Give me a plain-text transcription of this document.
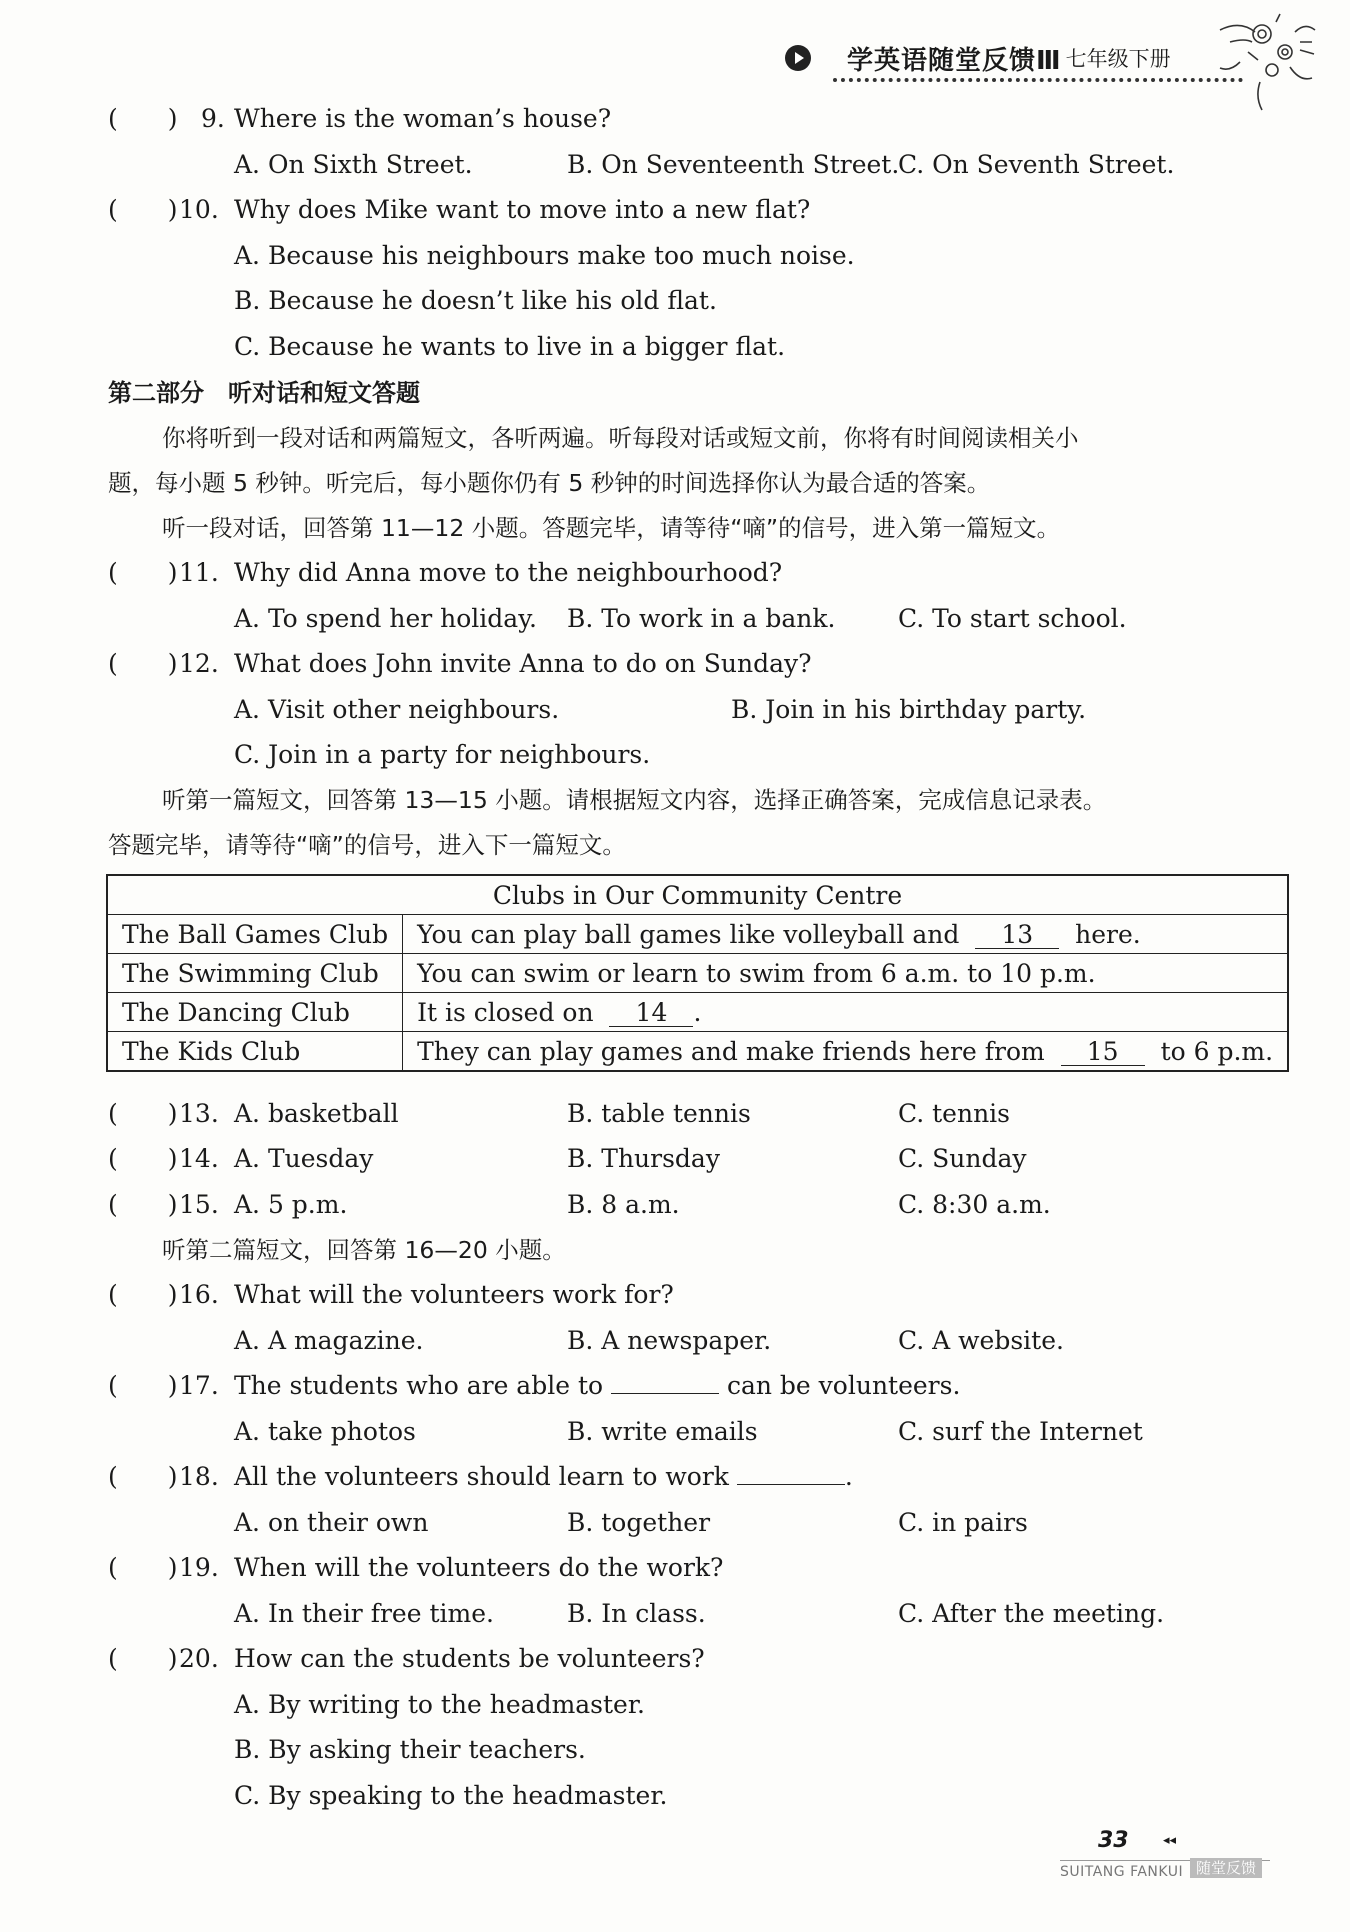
学英语随堂反馈Ⅲ 七年级下册
(　　) 9. Where is the woman’s house?
A. On Sixth Street.	B. On Seventeenth Street.
C. On Seventh Street.
(　　) 10. Why does Mike want to move into a new flat?
A. Because his neighbours make too much noise.
B. Because he doesn’t like his old flat.
C. Because he wants to live in a bigger flat.
第二部分　听对话和短文答题
你将听到一段对话和两篇短文，各听两遍。听每段对话或短文前，你将有时间阅读相关小
题，每小题 5 秒钟。听完后，每小题你仍有 5 秒钟的时间选择你认为最合适的答案。
听一段对话，回答第 11—12 小题。答题完毕，请等待“嘀”的信号，进入第一篇短文。
(　　) 11. Why did Anna move to the neighbourhood?
A. To spend her holiday. B. To work in a bank.	C. To start school.
(　　) 12. What does John invite Anna to do on Sunday?
A. Visit other neighbours.	B. Join in his birthday party.
C. Join in a party for neighbours.
听第一篇短文，回答第 13—15 小题。请根据短文内容，选择正确答案，完成信息记录表。
答题完毕，请等待“嘀”的信号，进入下一篇短文。
Clubs in Our Community Centre	
The Ball Games Club	You can play ball games like volleyball and 13 here.
The Swimming Club	You can swim or learn to swim from 6 a.m. to 10 p.m.
The Dancing Club	It is closed on 14 .
The Kids Club	They can play games and make friends here from 15 to 6 p.m.
(　　) 13. A. basketball	B. table tennis	C. tennis
(　　) 14. A. Tuesday	B. Thursday	C. Sunday
(　　) 15. A. 5 p.m.	B. 8 a.m.	C. 8:30 a.m.
听第二篇短文，回答第 16—20 小题。
(　　) 16. What will the volunteers work for?
A. A magazine.	B. A newspaper.	C. A website.
(　　) 17. The students who are able to	can be volunteers.
A. take photos	B. write emails	C. surf the Internet
(　　) 18. All the volunteers should learn to work	.
A. on their own	B. together	C. in pairs
(　　) 19. When will the volunteers do the work?
A. In their free time.	B. In class.	C. After the meeting.
(　　) 20. How can the students be volunteers?
A. By writing to the headmaster.
B. By asking their teachers.
C. By speaking to the headmaster.
33	◂◂
SUITANG FANKUI 随堂反馈
